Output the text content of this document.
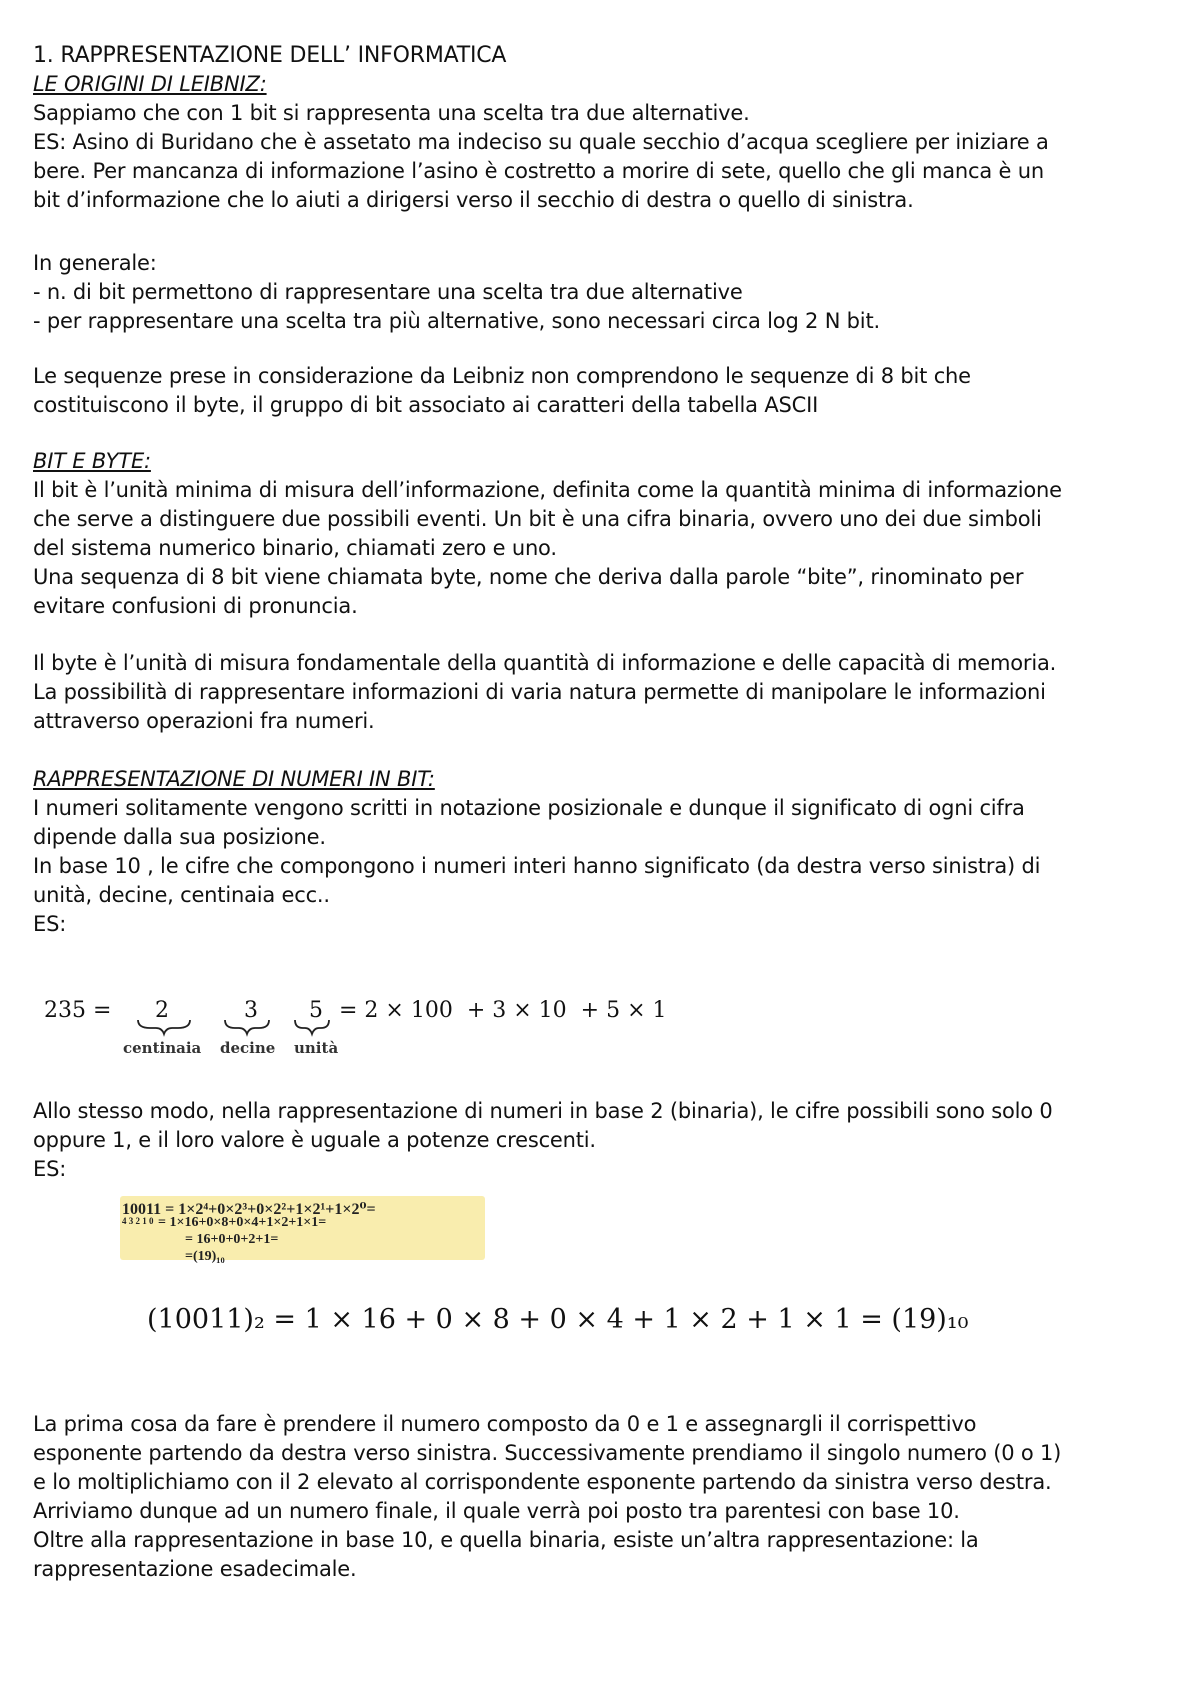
1. RAPPRESENTAZIONE DELL’ INFORMATICA

LE ORIGINI DI LEIBNIZ:

Sappiamo che con 1 bit si rappresenta una scelta tra due alternative.

ES: Asino di Buridano che è assetato ma indeciso su quale secchio d’acqua scegliere per iniziare a

bere. Per mancanza di informazione l’asino è costretto a morire di sete, quello che gli manca è un

bit d’informazione che lo aiuti a dirigersi verso il secchio di destra o quello di sinistra.

In generale:

- n. di bit permettono di rappresentare una scelta tra due alternative

- per rappresentare una scelta tra più alternative, sono necessari circa log 2 N bit.

Le sequenze prese in considerazione da Leibniz non comprendono le sequenze di 8 bit che

costituiscono il byte, il gruppo di bit associato ai caratteri della tabella ASCII

BIT E BYTE:

Il bit è l’unità minima di misura dell’informazione, definita come la quantità minima di informazione

che serve a distinguere due possibili eventi. Un bit è una cifra binaria, ovvero uno dei due simboli

del sistema numerico binario, chiamati zero e uno.

Una sequenza di 8 bit viene chiamata byte, nome che deriva dalla parole “bite”, rinominato per

evitare confusioni di pronuncia.

Il byte è l’unità di misura fondamentale della quantità di informazione e delle capacità di memoria.

La possibilità di rappresentare informazioni di varia natura permette di manipolare le informazioni

attraverso operazioni fra numeri.

RAPPRESENTAZIONE DI NUMERI IN BIT:

I numeri solitamente vengono scritti in notazione posizionale e dunque il significato di ogni cifra

dipende dalla sua posizione.

In base 10 , le cifre che compongono i numeri interi hanno significato (da destra verso sinistra) di

unità, decine, centinaia ecc..

ES:

235 = 2	3 5 = 2 × 100  + 3 × 10  + 5 × 1
centinaia decine unità

Allo stesso modo, nella rappresentazione di numeri in base 2 (binaria), le cifre possibili sono solo 0

oppure 1, e il loro valore è uguale a potenze crescenti.

ES:

10011 = 1×2⁴+0×2³+0×2²+1×2¹+1×2⁰=
4 3 2 1 0 = 1×16+0×8+0×4+1×2+1×1=
= 16+0+0+2+1=
=(19)₁₀
(10011)₂ = 1 × 16 + 0 × 8 + 0 × 4 + 1 × 2 + 1 × 1 = (19)₁₀

La prima cosa da fare è prendere il numero composto da 0 e 1 e assegnargli il corrispettivo

esponente partendo da destra verso sinistra. Successivamente prendiamo il singolo numero (0 o 1)

e lo moltiplichiamo con il 2 elevato al corrispondente esponente partendo da sinistra verso destra.

Arriviamo dunque ad un numero finale, il quale verrà poi posto tra parentesi con base 10.

Oltre alla rappresentazione in base 10, e quella binaria, esiste un’altra rappresentazione: la

rappresentazione esadecimale.
